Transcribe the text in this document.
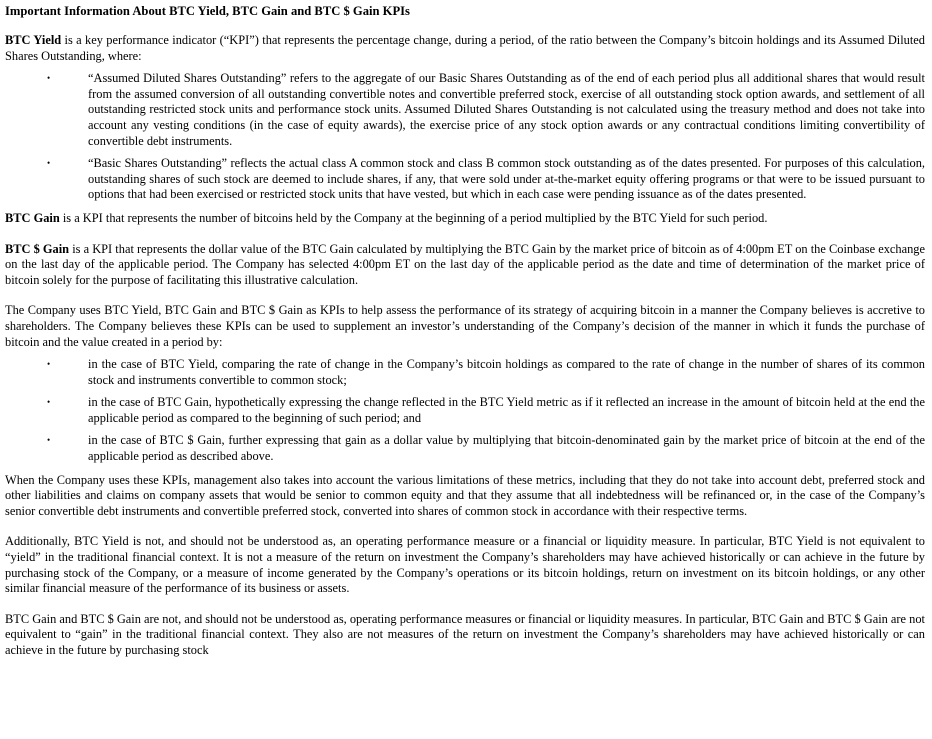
Important Information About BTC Yield, BTC Gain and BTC $ Gain KPIs

BTC Yield is a key performance indicator (“KPI”) that represents the percentage change, during a period, of the ratio between the Company’s bitcoin holdings and its Assumed Diluted Shares Outstanding, where:

•	“Assumed Diluted Shares Outstanding” refers to the aggregate of our Basic Shares Outstanding as of the end of each period plus all additional shares that would result from the assumed conversion of all outstanding convertible notes and convertible preferred stock, exercise of all outstanding stock option awards, and settlement of all outstanding restricted stock units and performance stock units. Assumed Diluted Shares Outstanding is not calculated using the treasury method and does not take into account any vesting conditions (in the case of equity awards), the exercise price of any stock option awards or any contractual conditions limiting convertibility of convertible debt instruments.
•	“Basic Shares Outstanding” reflects the actual class A common stock and class B common stock outstanding as of the dates presented. For purposes of this calculation, outstanding shares of such stock are deemed to include shares, if any, that were sold under at-the-market equity offering programs or that were to be issued pursuant to options that had been exercised or restricted stock units that have vested, but which in each case were pending issuance as of the dates presented.

BTC Gain is a KPI that represents the number of bitcoins held by the Company at the beginning of a period multiplied by the BTC Yield for such period.

BTC $ Gain is a KPI that represents the dollar value of the BTC Gain calculated by multiplying the BTC Gain by the market price of bitcoin as of 4:00pm ET on the Coinbase exchange on the last day of the applicable period. The Company has selected 4:00pm ET on the last day of the applicable period as the date and time of determination of the market price of bitcoin solely for the purpose of facilitating this illustrative calculation.

The Company uses BTC Yield, BTC Gain and BTC $ Gain as KPIs to help assess the performance of its strategy of acquiring bitcoin in a manner the Company believes is accretive to shareholders. The Company believes these KPIs can be used to supplement an investor’s understanding of the Company’s decision of the manner in which it funds the purchase of bitcoin and the value created in a period by:

•	in the case of BTC Yield, comparing the rate of change in the Company’s bitcoin holdings as compared to the rate of change in the number of shares of its common stock and instruments convertible to common stock;
•	in the case of BTC Gain, hypothetically expressing the change reflected in the BTC Yield metric as if it reflected an increase in the amount of bitcoin held at the end the applicable period as compared to the beginning of such period; and
•	in the case of BTC $ Gain, further expressing that gain as a dollar value by multiplying that bitcoin-denominated gain by the market price of bitcoin at the end of the applicable period as described above.

When the Company uses these KPIs, management also takes into account the various limitations of these metrics, including that they do not take into account debt, preferred stock and other liabilities and claims on company assets that would be senior to common equity and that they assume that all indebtedness will be refinanced or, in the case of the Company’s senior convertible debt instruments and convertible preferred stock, converted into shares of common stock in accordance with their respective terms.

Additionally, BTC Yield is not, and should not be understood as, an operating performance measure or a financial or liquidity measure. In particular, BTC Yield is not equivalent to “yield” in the traditional financial context. It is not a measure of the return on investment the Company’s shareholders may have achieved historically or can achieve in the future by purchasing stock of the Company, or a measure of income generated by the Company’s operations or its bitcoin holdings, return on investment on its bitcoin holdings, or any other similar financial measure of the performance of its business or assets.

BTC Gain and BTC $ Gain are not, and should not be understood as, operating performance measures or financial or liquidity measures. In particular, BTC Gain and BTC $ Gain are not equivalent to “gain” in the traditional financial context. They also are not measures of the return on investment the Company’s shareholders may have achieved historically or can achieve in the future by purchasing stock
